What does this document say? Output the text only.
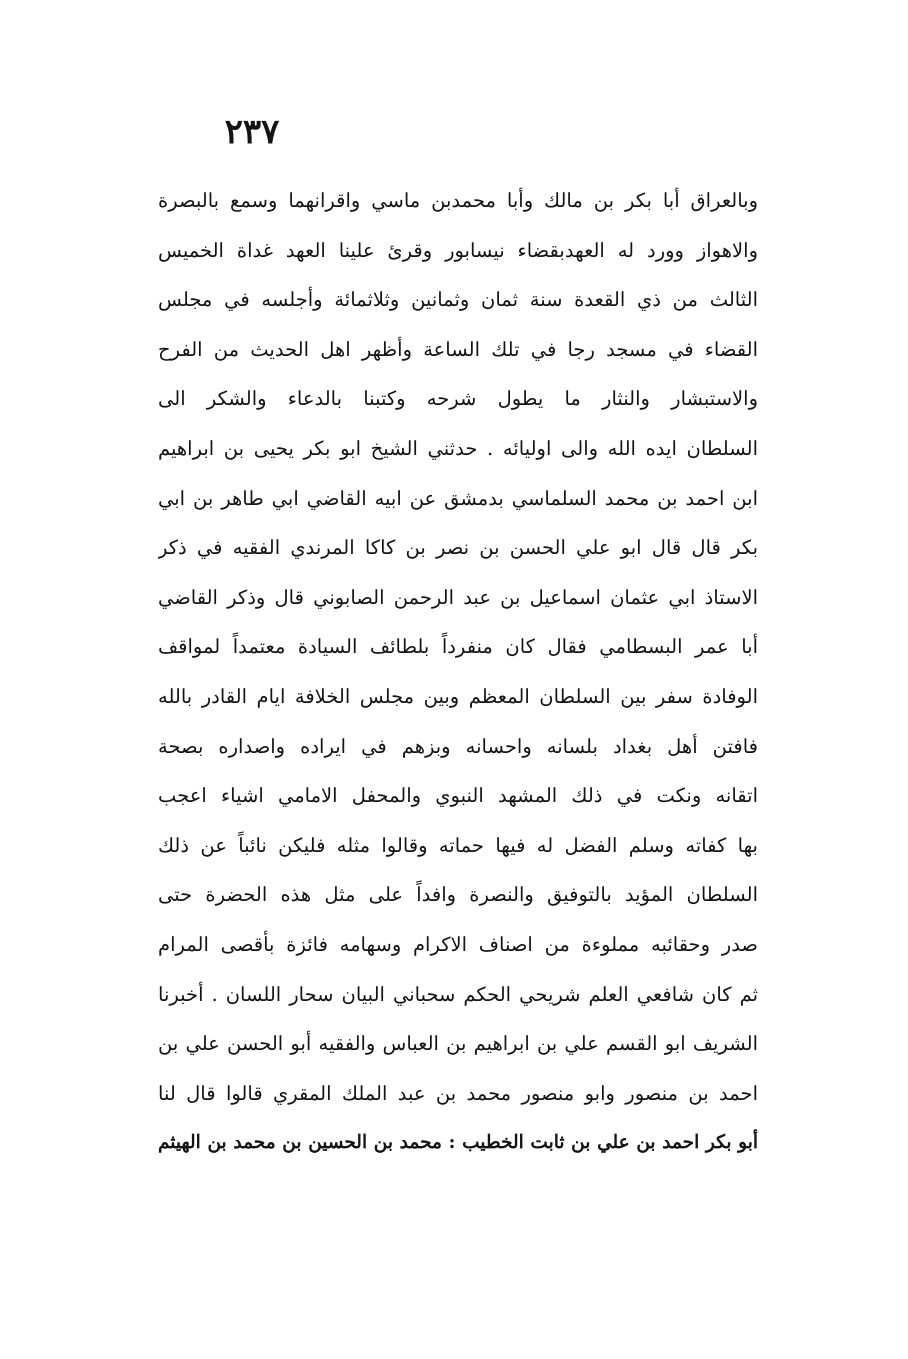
٢٣٧
وبالعراق أبا بكر بن مالك وأبا محمدبن ماسي واقرانهما وسمع بالبصرة
والاهواز وورد له العهدبقضاء نيسابور وقرئ علينا العهد غداة الخميس
الثالث من ذي القعدة سنة ثمان وثمانين وثلاثمائة وأجلسه في مجلس
القضاء في مسجد رجا في تلك الساعة وأظهر اهل الحديث من الفرح
والاستبشار والنثار ما يطول شرحه وكتبنا بالدعاء والشكر الى
السلطان ايده الله والى اوليائه . حدثني الشيخ ابو بكر يحيى بن ابراهيم
ابن احمد بن محمد السلماسي بدمشق عن ابيه القاضي ابي طاهر بن ابي
بكر قال قال ابو علي الحسن بن نصر بن كاكا المرندي الفقيه في ذكر
الاستاذ ابي عثمان اسماعيل بن عبد الرحمن الصابوني قال وذكر القاضي
أبا عمر البسطامي فقال كان منفرداً بلطائف السيادة معتمداً لمواقف
الوفادة سفر بين السلطان المعظم وبين مجلس الخلافة ايام القادر بالله
فافتن أهل بغداد بلسانه واحسانه وبزهم في ايراده واصداره بصحة
اتقانه ونكت في ذلك المشهد النبوي والمحفل الامامي اشياء اعجب
بها كفاته وسلم الفضل له فيها حماته وقالوا مثله فليكن نائباً عن ذلك
السلطان المؤيد بالتوفيق والنصرة وافداً على مثل هذه الحضرة حتى
صدر وحقائبه مملوءة من اصناف الاكرام وسهامه فائزة بأقصى المرام
ثم كان شافعي العلم شريحي الحكم سحباني البيان سحار اللسان . أخبرنا
الشريف ابو القسم علي بن ابراهيم بن العباس والفقيه أبو الحسن علي بن
احمد بن منصور وابو منصور محمد بن عبد الملك المقري قالوا قال لنا
أبو بكر احمد بن علي بن ثابت الخطيب : محمد بن الحسين بن محمد بن الهيثم
